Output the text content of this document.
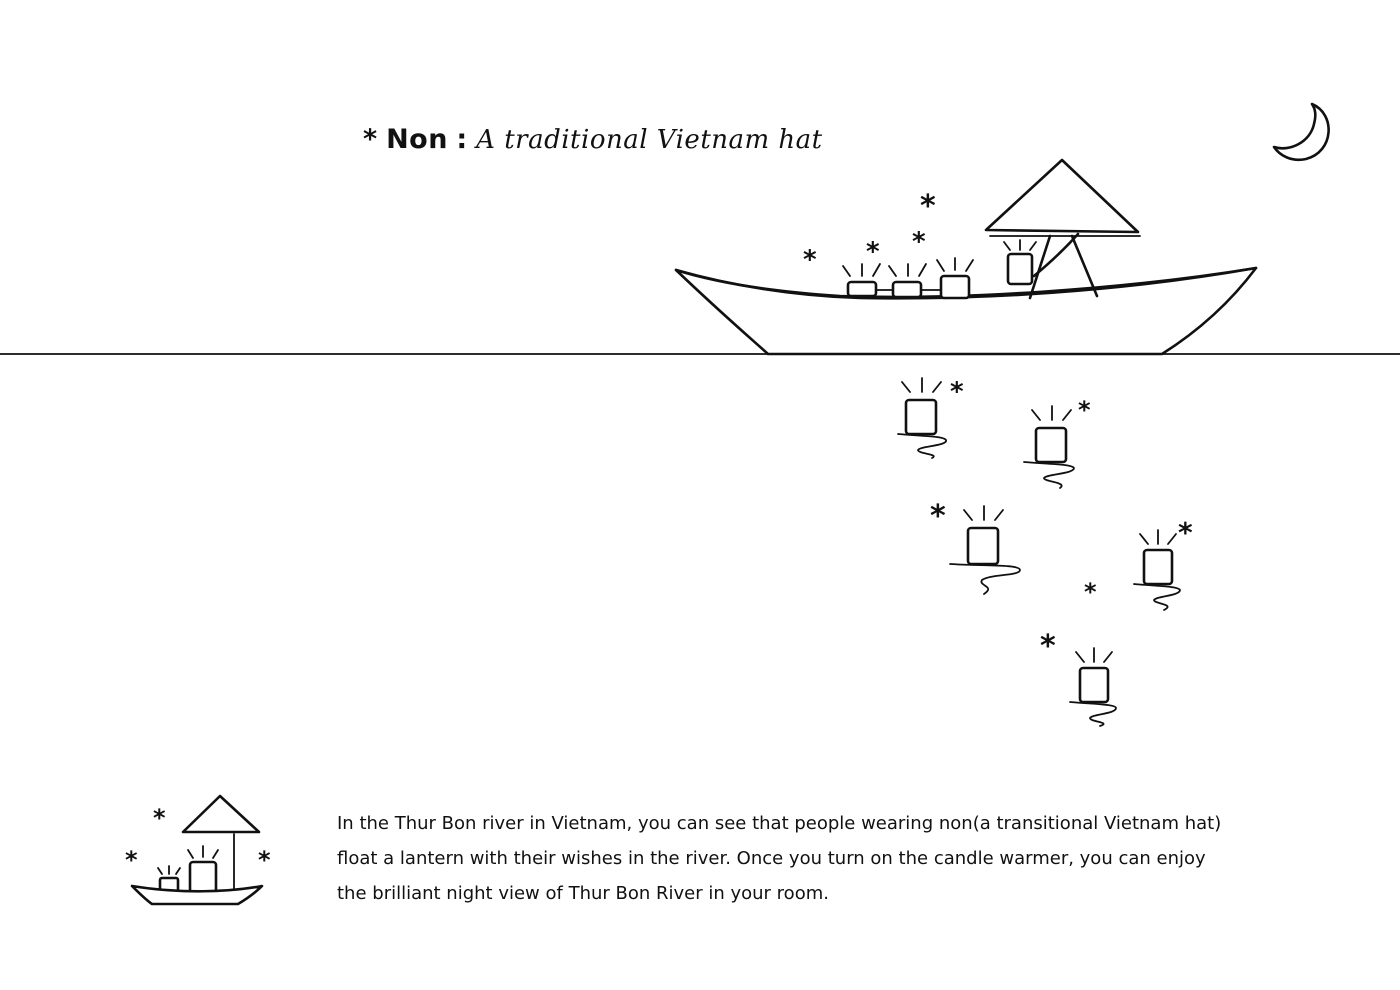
* * *
*
*
*
*	*
*
*
*
*	*
* Non : A traditional Vietnam hat

In the Thur Bon river in Vietnam, you can see that people wearing non(a transitional Vietnam hat)

float a lantern with their wishes in the river. Once you turn on the candle warmer, you can enjoy

the brilliant night view of Thur Bon River in your room.
